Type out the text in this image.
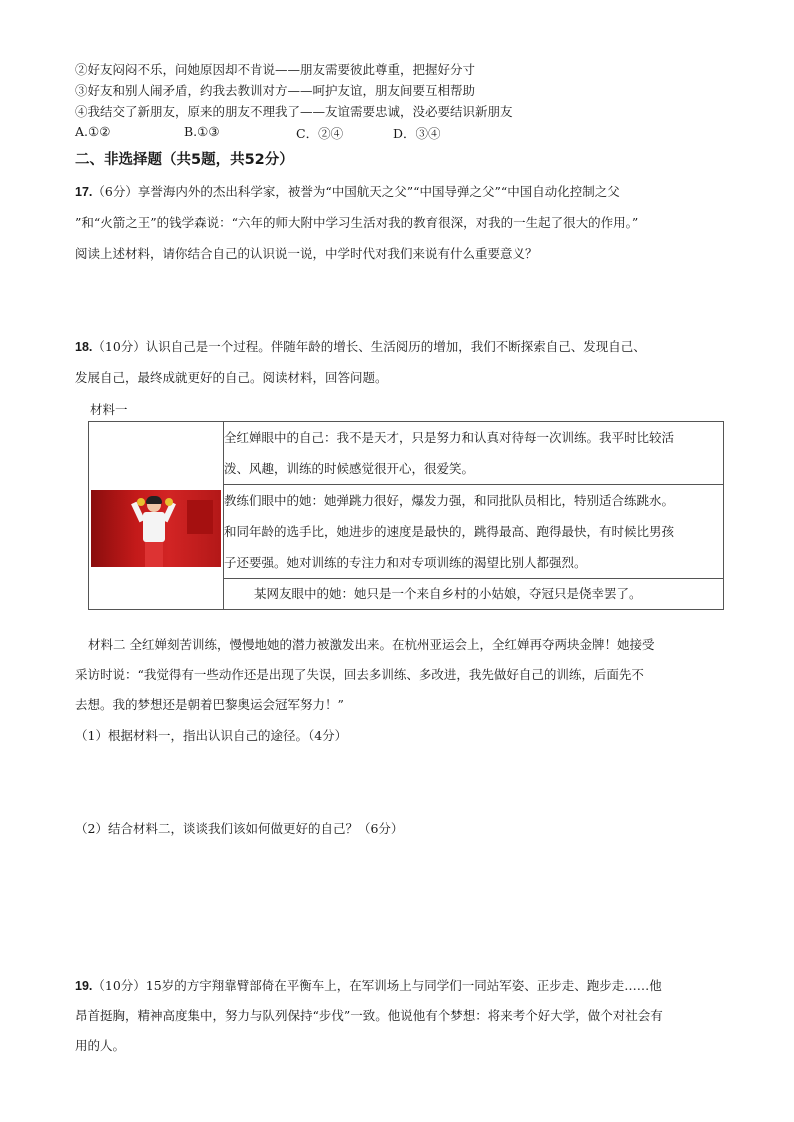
②好友闷闷不乐，问她原因却不肯说——朋友需要彼此尊重，把握好分寸
③好友和别人闹矛盾，约我去教训对方——呵护友谊，朋友间要互相帮助
④我结交了新朋友，原来的朋友不理我了——友谊需要忠诚，没必要结识新朋友
A.①②	B.①③	C．②④	D．③④
二、非选择题（共5题，共52分）
17.（6分）享誉海内外的杰出科学家，被誉为“中国航天之父”“中国导弹之父”“中国自动化控制之父
”和“火箭之王”的钱学森说：“六年的师大附中学习生活对我的教育很深，对我的一生起了很大的作用。”
阅读上述材料，请你结合自己的认识说一说，中学时代对我们来说有什么重要意义？
18.（10分）认识自己是一个过程。伴随年龄的增长、生活阅历的增加，我们不断探索自己、发现自己、
发展自己，最终成就更好的自己。阅读材料，回答问题。
材料一

全红婵眼中的自己：我不是天才，只是努力和认真对待每一次训练。我平时比较活
泼、风趣，训练的时候感觉很开心，很爱笑。

教练们眼中的她：她弹跳力很好，爆发力强，和同批队员相比，特别适合练跳水。
和同年龄的选手比，她进步的速度是最快的，跳得最高、跑得最快，有时候比男孩
子还要强。她对训练的专注力和对专项训练的渴望比别人都强烈。

某网友眼中的她：她只是一个来自乡村的小姑娘，夺冠只是侥幸罢了。
材料二 全红婵刻苦训练，慢慢地她的潜力被激发出来。在杭州亚运会上，全红婵再夺两块金牌！她接受
采访时说：“我觉得有一些动作还是出现了失误，回去多训练、多改进，我先做好自己的训练，后面先不
去想。我的梦想还是朝着巴黎奥运会冠军努力！”
（1）根据材料一，指出认识自己的途径。（4分）
（2）结合材料二，谈谈我们该如何做更好的自己？（6分）
19.（10分）15岁的方宇翔靠臂部倚在平衡车上，在军训场上与同学们一同站军姿、正步走、跑步走……他
昂首挺胸，精神高度集中，努力与队列保持“步伐”一致。他说他有个梦想：将来考个好大学，做个对社会有
用的人。
